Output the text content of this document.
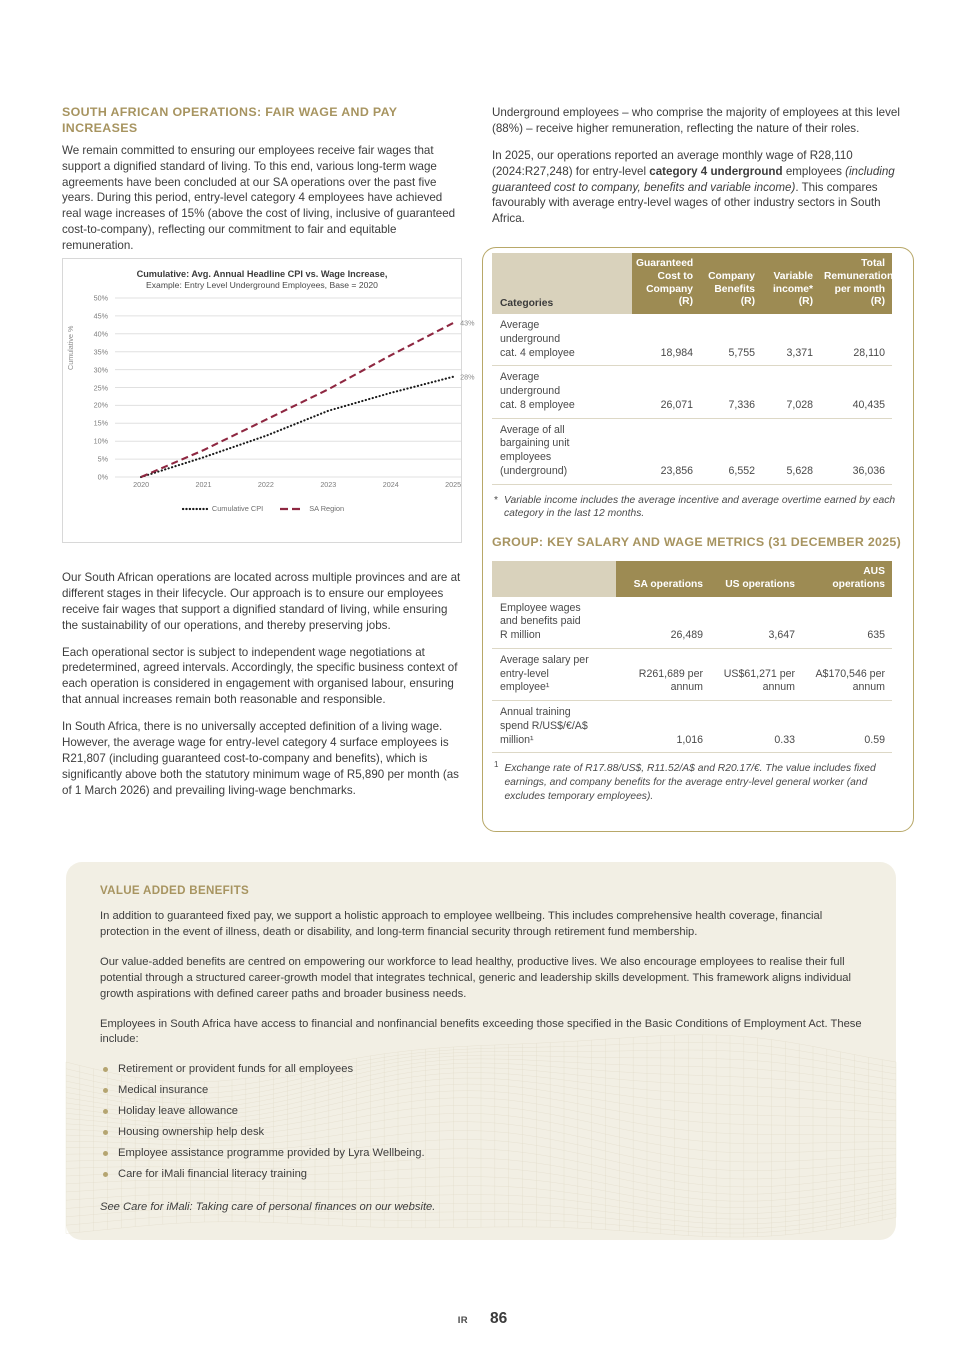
SOUTH AFRICAN OPERATIONS: FAIR WAGE AND PAY INCREASES

We remain committed to ensuring our employees receive fair wages that support a dignified standard of living. To this end, various long-term wage agreements have been concluded at our SA operations over the past five years. During this period, entry-level category 4 employees have achieved real wage increases of 15% (above the cost of living, inclusive of guaranteed cost-to-company), reflecting our commitment to fair and equitable remuneration.

Cumulative: Avg. Annual Headline CPI vs. Wage Increase,
Example: Entry Level Underground Employees, Base = 2020
Cumulative %
0%
5%
10%
15%
20%
25%
30%
35%
40%
45%
50%
28%
43%
2020	2021	2022	2023	2024	2025
Cumulative CPI	SA Region

Our South African operations are located across multiple provinces and are at different stages in their lifecycle. Our approach is to ensure our employees receive fair wages that support a dignified standard of living, while ensuring the sustainability of our operations, and thereby preserving jobs.

Each operational sector is subject to independent wage negotiations at predetermined, agreed intervals. Accordingly, the specific business context of each operation is considered in engagement with organised labour, ensuring that annual increases remain both reasonable and responsible.

In South Africa, there is no universally accepted definition of a living wage. However, the average wage for entry-level category 4 surface employees is R21,807 (including guaranteed cost-to-company and benefits), which is significantly above both the statutory minimum wage of R5,890 per month (as of 1 March 2026) and prevailing living-wage benchmarks.

Underground employees – who comprise the majority of employees at this level (88%) – receive higher remuneration, reflecting the nature of their roles.

In 2025, our operations reported an average monthly wage of R28,110 (2024:R27,248) for entry-level category 4 underground employees (including guaranteed cost to company, benefits and variable income). This compares favourably with average entry-level wages of other industry sectors in South Africa.

Categories	Guaranteed
Cost to
Company
(R)	Company
Benefits
(R)	Variable
income*
(R)	Total
Remuneration
per month (R)
Average
underground
cat. 4 employee	18,984	5,755	3,371	28,110
Average
underground
cat. 8 employee	26,071	7,336	7,028	40,435
Average of all
bargaining unit
employees
(underground)	23,856	6,552	5,628	36,036
* Variable income includes the average incentive and average overtime earned by each category in the last 12 months.
GROUP: KEY SALARY AND WAGE METRICS (31 DECEMBER 2025)
	SA operations	US operations	AUS
operations
Employee wages
and benefits paid
R million	26,489	3,647	635
Average salary per
entry-level
employee¹	R261,689 per
annum	US$61,271 per
annum	A$170,546 per
annum
Annual training
spend R/US$/€/A$
million¹	1,016	0.33	0.59
1 Exchange rate of R17.88/US$, R11.52/A$ and R20.17/€. The value includes fixed earnings, and company benefits for the average entry-level general worker (and excludes temporary employees).
VALUE ADDED BENEFITS

In addition to guaranteed fixed pay, we support a holistic approach to employee wellbeing. This includes comprehensive health coverage, financial protection in the event of illness, death or disability, and long-term financial security through retirement fund membership.

Our value-added benefits are centred on empowering our workforce to lead healthy, productive lives. We also encourage employees to realise their full potential through a structured career-growth model that integrates technical, generic and leadership skills development. This framework aligns individual growth aspirations with defined career paths and broader business needs.

Employees in South Africa have access to financial and nonfinancial benefits exceeding those specified in the Basic Conditions of Employment Act. These include:

Retirement or provident funds for all employees
Medical insurance
Holiday leave allowance
Housing ownership help desk
Employee assistance programme provided by Lyra Wellbeing.
Care for iMali financial literacy training

See Care for iMali: Taking care of personal finances on our website.

IR 86
